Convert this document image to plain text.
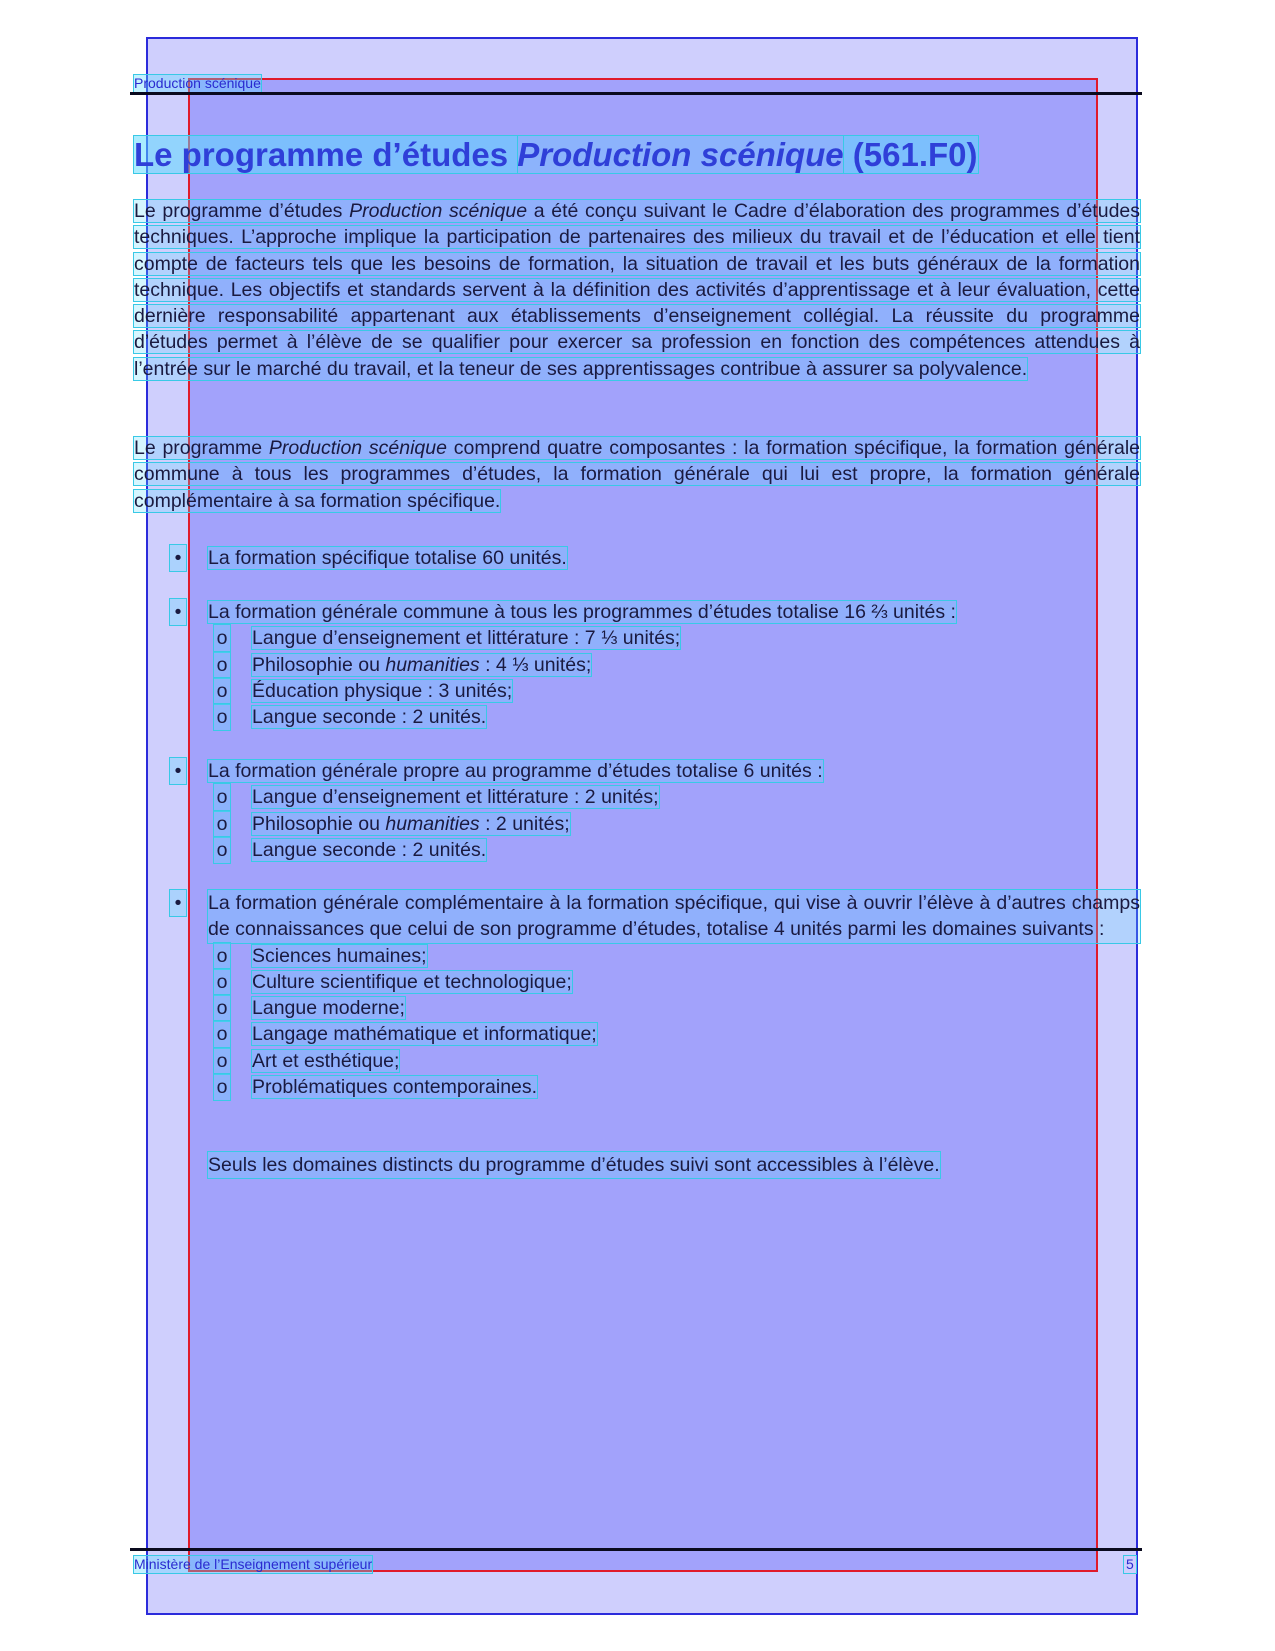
Production scénique
Le programme d’études Production scénique (561.F0)

Le programme d’études Production scénique a été conçu suivant le Cadre d’élaboration des programmes d’études techniques. L’approche implique la participation de partenaires des milieux du travail et de l’éducation et elle tient compte de facteurs tels que les besoins de formation, la situation de travail et les buts généraux de la formation technique. Les objectifs et standards servent à la définition des activités d’apprentissage et à leur évaluation, cette dernière responsabilité appartenant aux établissements d’enseignement collégial. La réussite du programme d’études permet à l’élève de se qualifier pour exercer sa profession en fonction des compétences attendues à l’entrée sur le marché du travail, et la teneur de ses apprentissages contribue à assurer sa polyvalence.

Le programme Production scénique comprend quatre composantes : la formation spécifique, la formation générale commune à tous les programmes d’études, la formation générale qui lui est propre, la formation générale complémentaire à sa formation spécifique.

• La formation spécifique totalise 60 unités.
• La formation générale commune à tous les programmes d’études totalise 16 ⅔ unités :
o Langue d’enseignement et littérature : 7 ⅓ unités;
o Philosophie ou humanities : 4 ⅓ unités;
o Éducation physique : 3 unités;
o Langue seconde : 2 unités.
• La formation générale propre au programme d’études totalise 6 unités :
o Langue d’enseignement et littérature : 2 unités;
o Philosophie ou humanities : 2 unités;
o Langue seconde : 2 unités.
• La formation générale complémentaire à la formation spécifique, qui vise à ouvrir l’élève à d’autres champs de connaissances que celui de son programme d’études, totalise 4 unités parmi les domaines suivants :
o Sciences humaines;
o Culture scientifique et technologique;
o Langue moderne;
o Langage mathématique et informatique;
o Art et esthétique;
o Problématiques contemporaines.
Seuls les domaines distincts du programme d’études suivi sont accessibles à l’élève.
Ministère de l’Enseignement supérieur	5
